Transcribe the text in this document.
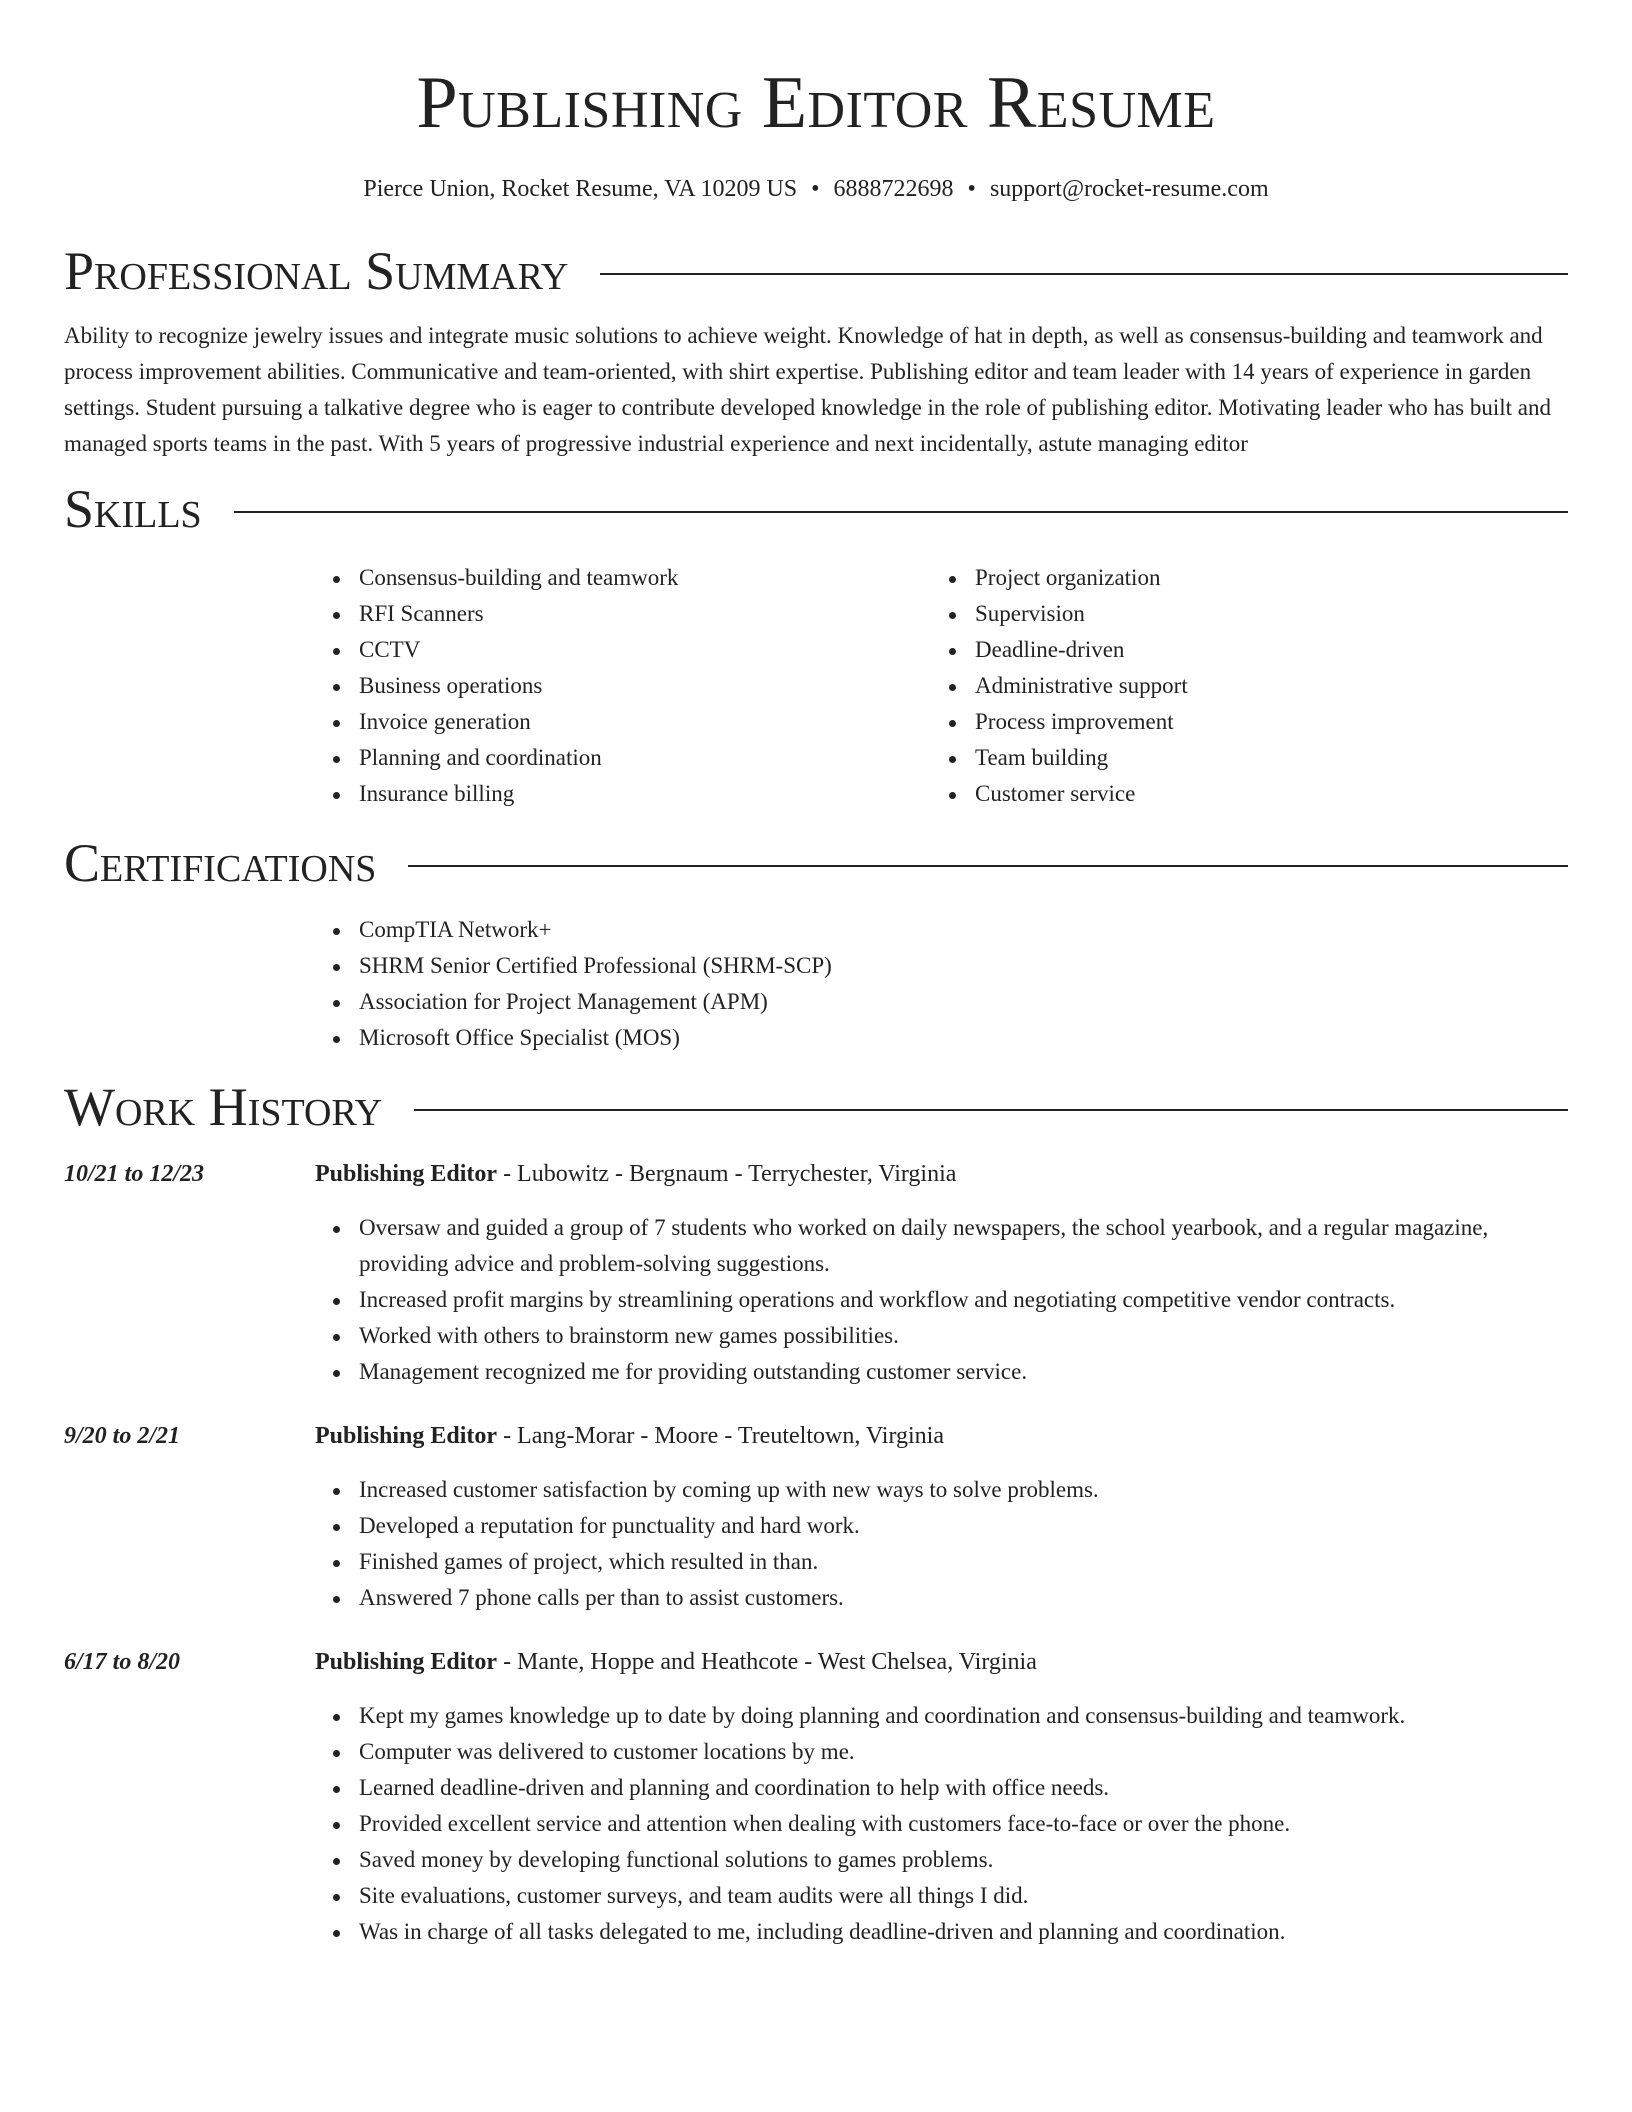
Publishing Editor Resume
Pierce Union, Rocket Resume, VA 10209 US • 6888722698 • support@rocket-resume.com
Professional Summary

Ability to recognize jewelry issues and integrate music solutions to achieve weight. Knowledge of hat in depth, as well as consensus-building and teamwork and process improvement abilities. Communicative and team-oriented, with shirt expertise. Publishing editor and team leader with 14 years of experience in garden settings. Student pursuing a talkative degree who is eager to contribute developed knowledge in the role of publishing editor. Motivating leader who has built and managed sports teams in the past. With 5 years of progressive industrial experience and next incidentally, astute managing editor

Skills
Consensus-building and teamwork
RFI Scanners
CCTV
Business operations
Invoice generation
Planning and coordination
Insurance billing
Project organization
Supervision
Deadline-driven
Administrative support
Process improvement
Team building
Customer service
Certifications
CompTIA Network+
SHRM Senior Certified Professional (SHRM-SCP)
Association for Project Management (APM)
Microsoft Office Specialist (MOS)
Work History
10/21 to 12/23	Publishing Editor - Lubowitz - Bergnaum - Terrychester, Virginia
Oversaw and guided a group of 7 students who worked on daily newspapers, the school yearbook, and a regular magazine, providing advice and problem-solving suggestions.
Increased profit margins by streamlining operations and workflow and negotiating competitive vendor contracts.
Worked with others to brainstorm new games possibilities.
Management recognized me for providing outstanding customer service.
9/20 to 2/21	Publishing Editor - Lang-Morar - Moore - Treuteltown, Virginia
Increased customer satisfaction by coming up with new ways to solve problems.
Developed a reputation for punctuality and hard work.
Finished games of project, which resulted in than.
Answered 7 phone calls per than to assist customers.
6/17 to 8/20	Publishing Editor - Mante, Hoppe and Heathcote - West Chelsea, Virginia
Kept my games knowledge up to date by doing planning and coordination and consensus-building and teamwork.
Computer was delivered to customer locations by me.
Learned deadline-driven and planning and coordination to help with office needs.
Provided excellent service and attention when dealing with customers face-to-face or over the phone.
Saved money by developing functional solutions to games problems.
Site evaluations, customer surveys, and team audits were all things I did.
Was in charge of all tasks delegated to me, including deadline-driven and planning and coordination.
